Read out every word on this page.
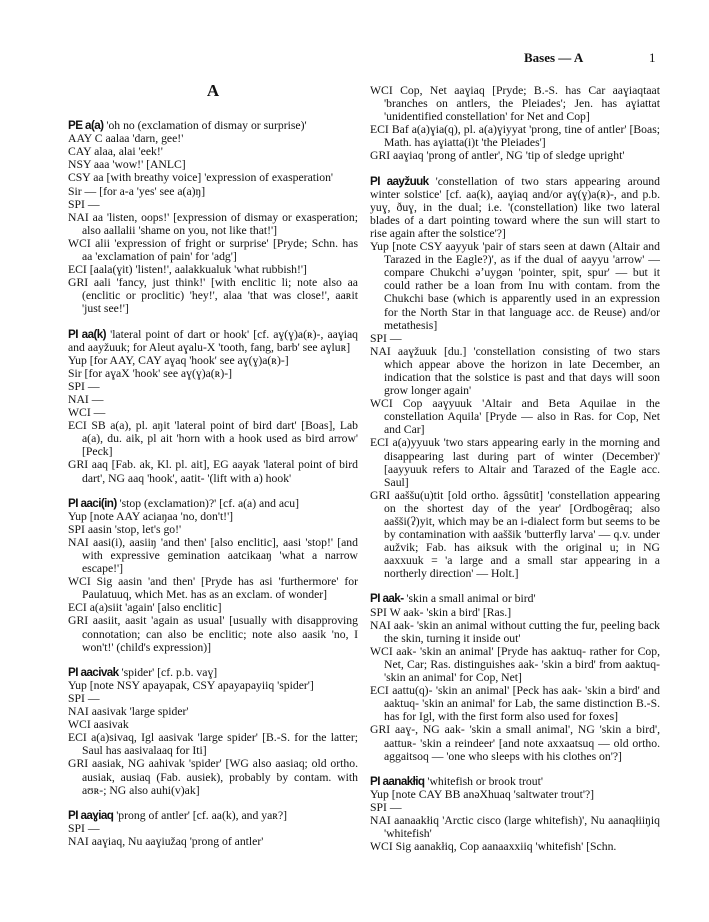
Bases — A	1
A
PE a(a) 'oh no (exclamation of dismay or surprise)'
AAY C aalaa 'darn, gee!'
CAY alaa, alai 'eek!'
NSY aaa 'wow!' [ANLC]
CSY aa [with breathy voice] 'expression of exasperation'
Sir — [for a-a 'yes' see a(a)ŋ]
SPI —
NAI aa 'listen, oops!' [expression of dismay or exasperation; also aallalii 'shame on you, not like that!']
WCI alii 'expression of fright or surprise' [Pryde; Schn. has aa 'exclamation of pain' for 'adg']
ECI [aala(ɣit) 'listen!', aalakkualuk 'what rubbish!']
GRI aali 'fancy, just think!' [with enclitic li; note also aa (enclitic or proclitic) 'hey!', alaa 'that was close!', aaʀit 'just see!']
PI aa(k) 'lateral point of dart or hook' [cf. aɣ(ɣ)a(ʀ)-, aaɣiaq and aayžuuk; for Aleut aɣalu-X 'tooth, fang, barb' see aɣluʀ]
Yup [for AAY, CAY aɣaq 'hook' see aɣ(ɣ)a(ʀ)-]
Sir [for aɣaX 'hook' see aɣ(ɣ)a(ʀ)-]
SPI —
NAI —
WCI —
ECI SB a(a), pl. aŋit 'lateral point of bird dart' [Boas], Lab a(a), du. aik, pl ait 'horn with a hook used as bird arrow' [Peck]
GRI aaq [Fab. ak, Kl. pl. ait], EG aayak 'lateral point of bird dart', NG aaq 'hook', aatit- '(lift with a) hook'
PI aaci(in) 'stop (exclamation)?' [cf. a(a) and acu]
Yup [note AAY aciaŋaa 'no, don't!']
SPI aasin 'stop, let's go!'
NAI aasi(i), aasiiŋ 'and then' [also enclitic], aasi 'stop!' [and with expressive gemination aatcikaaŋ 'what a narrow escape!']
WCI Sig aasin 'and then' [Pryde has asi 'furthermore' for Paulatuuq, which Met. has as an exclam. of wonder]
ECI a(a)siit 'again' [also enclitic]
GRI aasiit, aasit 'again as usual' [usually with disapproving connotation; can also be enclitic; note also aasik 'no, I won't!' (child's expression)]
PI aacivak 'spider' [cf. p.b. vaɣ]
Yup [note NSY apayapak, CSY apayapayiiq 'spider']
SPI —
NAI aasivak 'large spider'
WCI aasivak
ECI a(a)sivaq, Igl aasivak 'large spider' [B.-S. for the latter; Saul has aasivalaaq for Iti]
GRI aasiak, NG aahivak 'spider' [WG also aasiaq; old ortho. ausiak, ausiaq (Fab. ausiek), probably by contam. with aʊʀ-; NG also auhi(v)ak]
PI aaɣiaq 'prong of antler' [cf. aa(k), and yaʀ?]
SPI —
NAI aaɣiaq, Nu aaɣiužaq 'prong of antler'
WCI Cop, Net aaɣiaq [Pryde; B.-S. has Car aaɣiaqtaat 'branches on antlers, the Pleiades'; Jen. has aɣiattat 'unidentified constellation' for Net and Cop]
ECI Baf a(a)ɣia(q), pl. a(a)ɣiyyat 'prong, tine of antler' [Boas; Math. has aɣiatta(i)t 'the Pleiades']
GRI aaɣiaq 'prong of antler', NG 'tip of sledge upright'
PI aayžuuk 'constellation of two stars appearing around winter solstice' [cf. aa(k), aaɣiaq and/or aɣ(ɣ)a(ʀ)-, and p.b. yuɣ, ðuɣ, in the dual; i.e. '(constellation) like two lateral blades of a dart pointing toward where the sun will start to rise again after the solstice'?]
Yup [note CSY aayyuk 'pair of stars seen at dawn (Altair and Tarazed in the Eagle?)', as if the dual of aayyu 'arrow' — compare Chukchi əʼuygən 'pointer, spit, spur' — but it could rather be a loan from Inu with contam. from the Chukchi base (which is apparently used in an expression for the North Star in that language acc. de Reuse) and/or metathesis]
SPI —
NAI aaɣžuuk [du.] 'constellation consisting of two stars which appear above the horizon in late December, an indication that the solstice is past and that days will soon grow longer again'
WCI Cop aaɣyuuk 'Altair and Beta Aquilae in the constellation Aquila' [Pryde — also in Ras. for Cop, Net and Car]
ECI a(a)yyuuk 'two stars appearing early in the morning and disappearing last during part of winter (December)' [aayyuuk refers to Altair and Tarazed of the Eagle acc. Saul]
GRI aaššu(u)tit [old ortho. âgssûtit] 'constellation appearing on the shortest day of the year' [Ordbogêraq; also aašši(ʔ)yit, which may be an i-dialect form but seems to be by contamination with aaššik 'butterfly larva' — q.v. under aužvik; Fab. has aiksuk with the original u; in NG aaxxuuk = 'a large and a small star appearing in a northerly direction' — Holt.]
PI aak- 'skin a small animal or bird'
SPI W aak- 'skin a bird' [Ras.]
NAI aak- 'skin an animal without cutting the fur, peeling back the skin, turning it inside out'
WCI aak- 'skin an animal' [Pryde has aaktuq- rather for Cop, Net, Car; Ras. distinguishes aak- 'skin a bird' from aaktuq- 'skin an animal' for Cop, Net]
ECI aattu(q)- 'skin an animal' [Peck has aak- 'skin a bird' and aaktuq- 'skin an animal' for Lab, the same distinction B.-S. has for Igl, with the first form also used for foxes]
GRI aaɣ-, NG aak- 'skin a small animal', NG 'skin a bird', aattuʀ- 'skin a reindeer' [and note axxaatsuq — old ortho. aggaitsoq — 'one who sleeps with his clothes on'?]
PI aanakłiq 'whitefish or brook trout'
Yup [note CAY BB anəXhuaq 'saltwater trout'?]
SPI —
NAI aanaakłiq 'Arctic cisco (large whitefish)', Nu aanaqłiiŋiq 'whitefish'
WCI Sig aanakłiq, Cop aanaaxxiiq 'whitefish' [Schn.
